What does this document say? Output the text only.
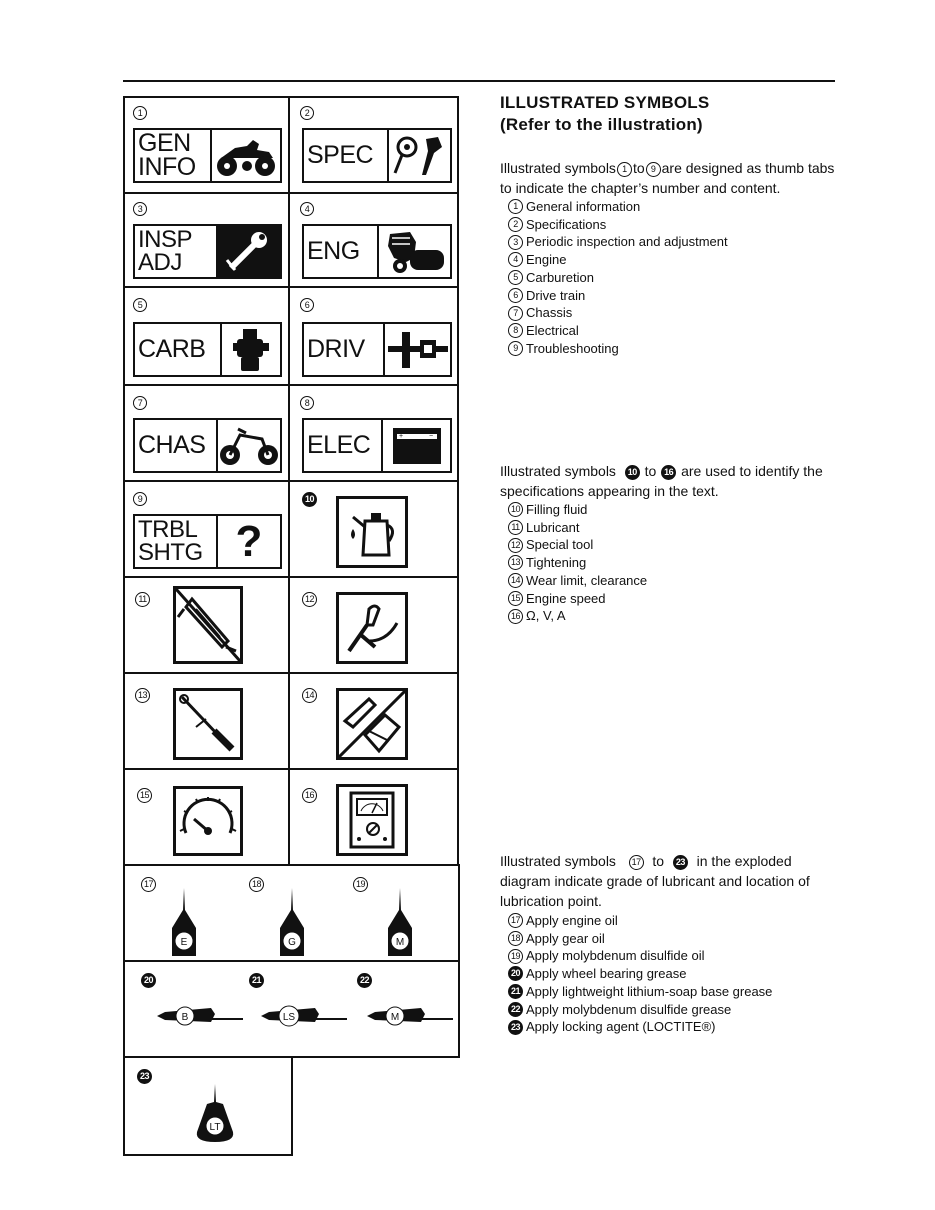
1
GEN
INFO
2
SPEC
3
INSP
ADJ
4
ENG
5
CARB
6
DRIV
7
CHAS
8
ELEC	+	−
9
TRBL
SHTG ?
10
11	12
13	14
15	16
17	18	19
E	G	M
20	21	22
B	LS	M
23
LT
ILLUSTRATED SYMBOLS
(Refer to the illustration)
Illustrated symbols 1 to 9 are designed as thumb tabs to indicate the chapter’s number and content.
1 General information
2 Specifications
3 Periodic inspection and adjustment
4 Engine
5 Carburetion
6 Drive train
7 Chassis
8 Electrical
9 Troubleshooting
Illustrated symbols 10 to 16 are used to identify the specifications appearing in the text.
10 Filling fluid
11 Lubricant
12 Special tool
13 Tightening
14 Wear limit, clearance
15 Engine speed
16 Ω, V, A
Illustrated symbols 17 to 23 in the exploded diagram indicate grade of lubricant and location of lubrication point.
17 Apply engine oil
18 Apply gear oil
19 Apply molybdenum disulfide oil
20 Apply wheel bearing grease
21 Apply lightweight lithium-soap base grease
22 Apply molybdenum disulfide grease
23 Apply locking agent (LOCTITE®)
